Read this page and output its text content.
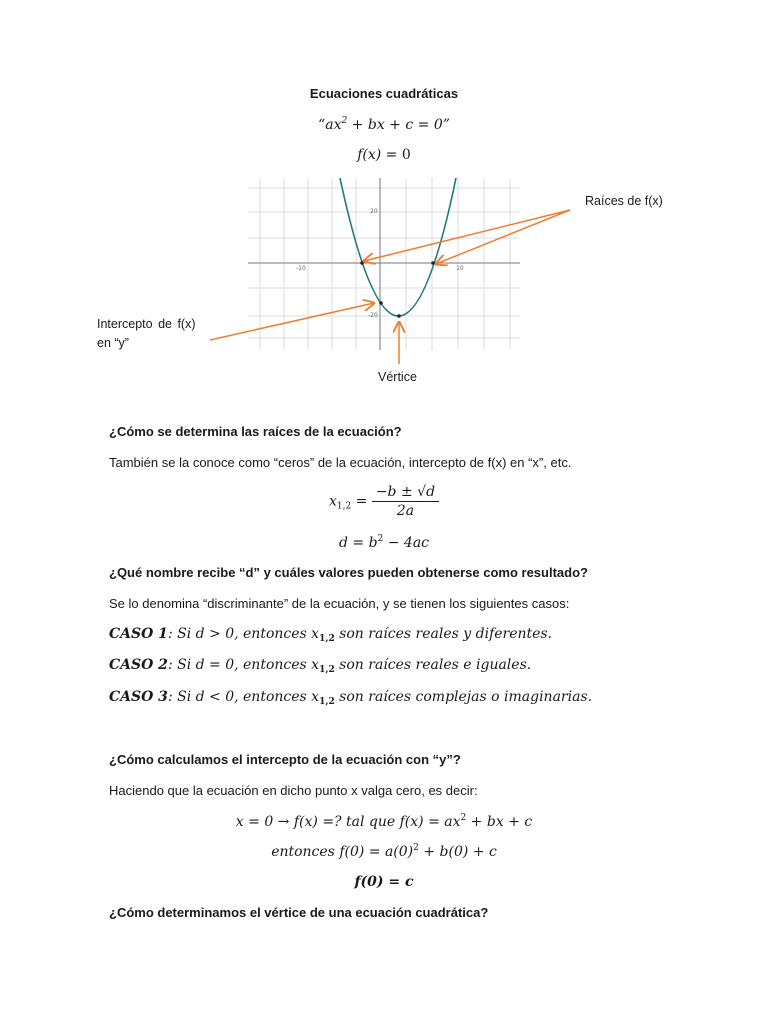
Ecuaciones cuadráticas
“$ax^2$ + bx + c = 0”
f(x) = 0
20
-20
-10	10
Raíces de f(x)
Intercepto de f(x)
en “y”
Vértice
¿Cómo se determina las raíces de la ecuación?
También se la conoce como “ceros” de la ecuación, intercepto de f(x) en “x”, etc.
$x_{1,2} = \frac{-b \pm √d}{2a}$
$d = b^2 - 4ac$
¿Qué nombre recibe “d” y cuáles valores pueden obtenerse como resultado?
Se lo denomina “discriminante” de la ecuación, y se tienen los siguientes casos:
CASO 1: Si d > 0, entonces $x_{1,2}$ son raíces reales y diferentes.
CASO 2: Si d = 0, entonces $x_{1,2}$ son raíces reales e iguales.
CASO 3: Si d < 0, entonces $x_{1,2}$ son raíces complejas o imaginarias.
¿Cómo calculamos el intercepto de la ecuación con “y”?
Haciendo que la ecuación en dicho punto x valga cero, es decir:
x = 0 → f(x) =? tal que $f(x) = ax^2$ + bx + c
entonces $f(0) = a(0)^2 + b(0) + c$
f(0) = c
¿Cómo determinamos el vértice de una ecuación cuadrática?
